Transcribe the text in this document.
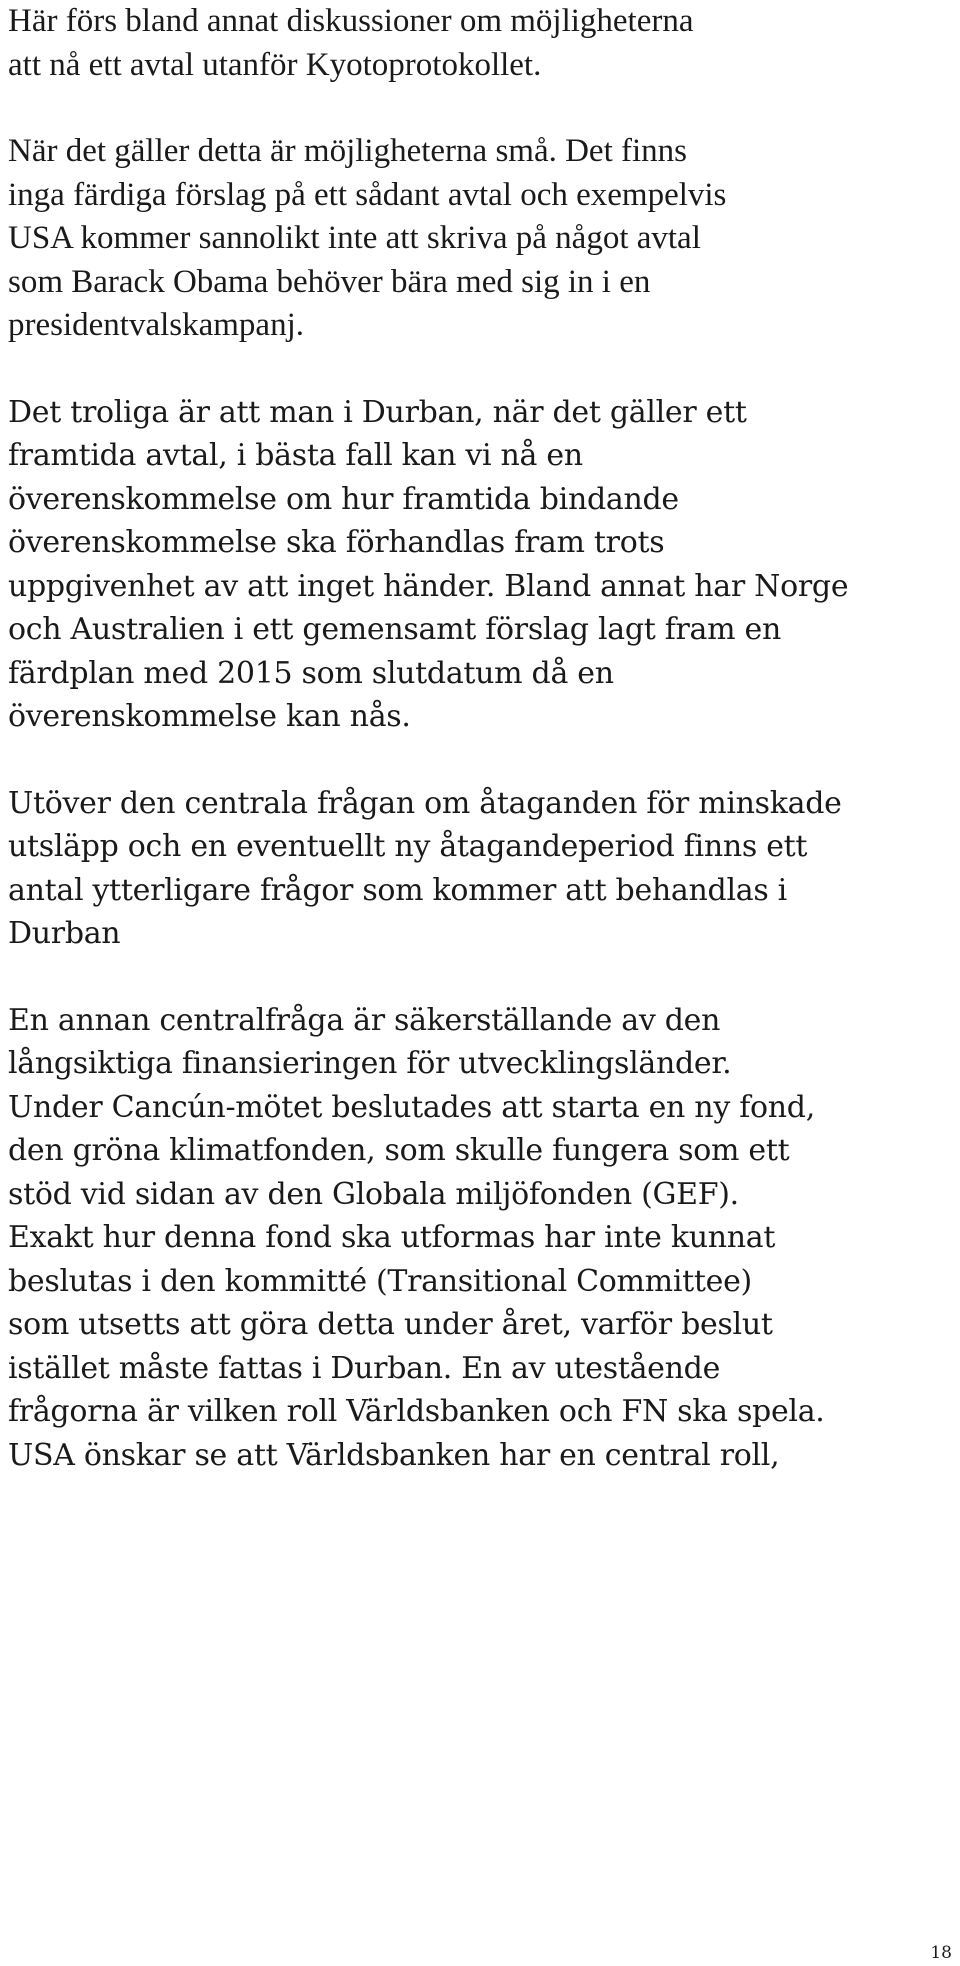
Här förs bland annat diskussioner om möjligheterna
att nå ett avtal utanför Kyotoprotokollet.

När det gäller detta är möjligheterna små. Det finns
inga färdiga förslag på ett sådant avtal och exempelvis
USA kommer sannolikt inte att skriva på något avtal
som Barack Obama behöver bära med sig in i en
presidentvalskampanj.

Det troliga är att man i Durban, när det gäller ett
framtida avtal, i bästa fall kan vi nå en
överenskommelse om hur framtida bindande
överenskommelse ska förhandlas fram trots
uppgivenhet av att inget händer. Bland annat har Norge
och Australien i ett gemensamt förslag lagt fram en
färdplan med 2015 som slutdatum då en
överenskommelse kan nås.

Utöver den centrala frågan om åtaganden för minskade
utsläpp och en eventuellt ny åtagandeperiod finns ett
antal ytterligare frågor som kommer att behandlas i
Durban

En annan centralfråga är säkerställande av den
långsiktiga finansieringen för utvecklingsländer.
Under Cancún-mötet beslutades att starta en ny fond,
den gröna klimatfonden, som skulle fungera som ett
stöd vid sidan av den Globala miljöfonden (GEF).
Exakt hur denna fond ska utformas har inte kunnat
beslutas i den kommitté (Transitional Committee)
som utsetts att göra detta under året, varför beslut
istället måste fattas i Durban. En av utestående
frågorna är vilken roll Världsbanken och FN ska spela.
USA önskar se att Världsbanken har en central roll,

18
